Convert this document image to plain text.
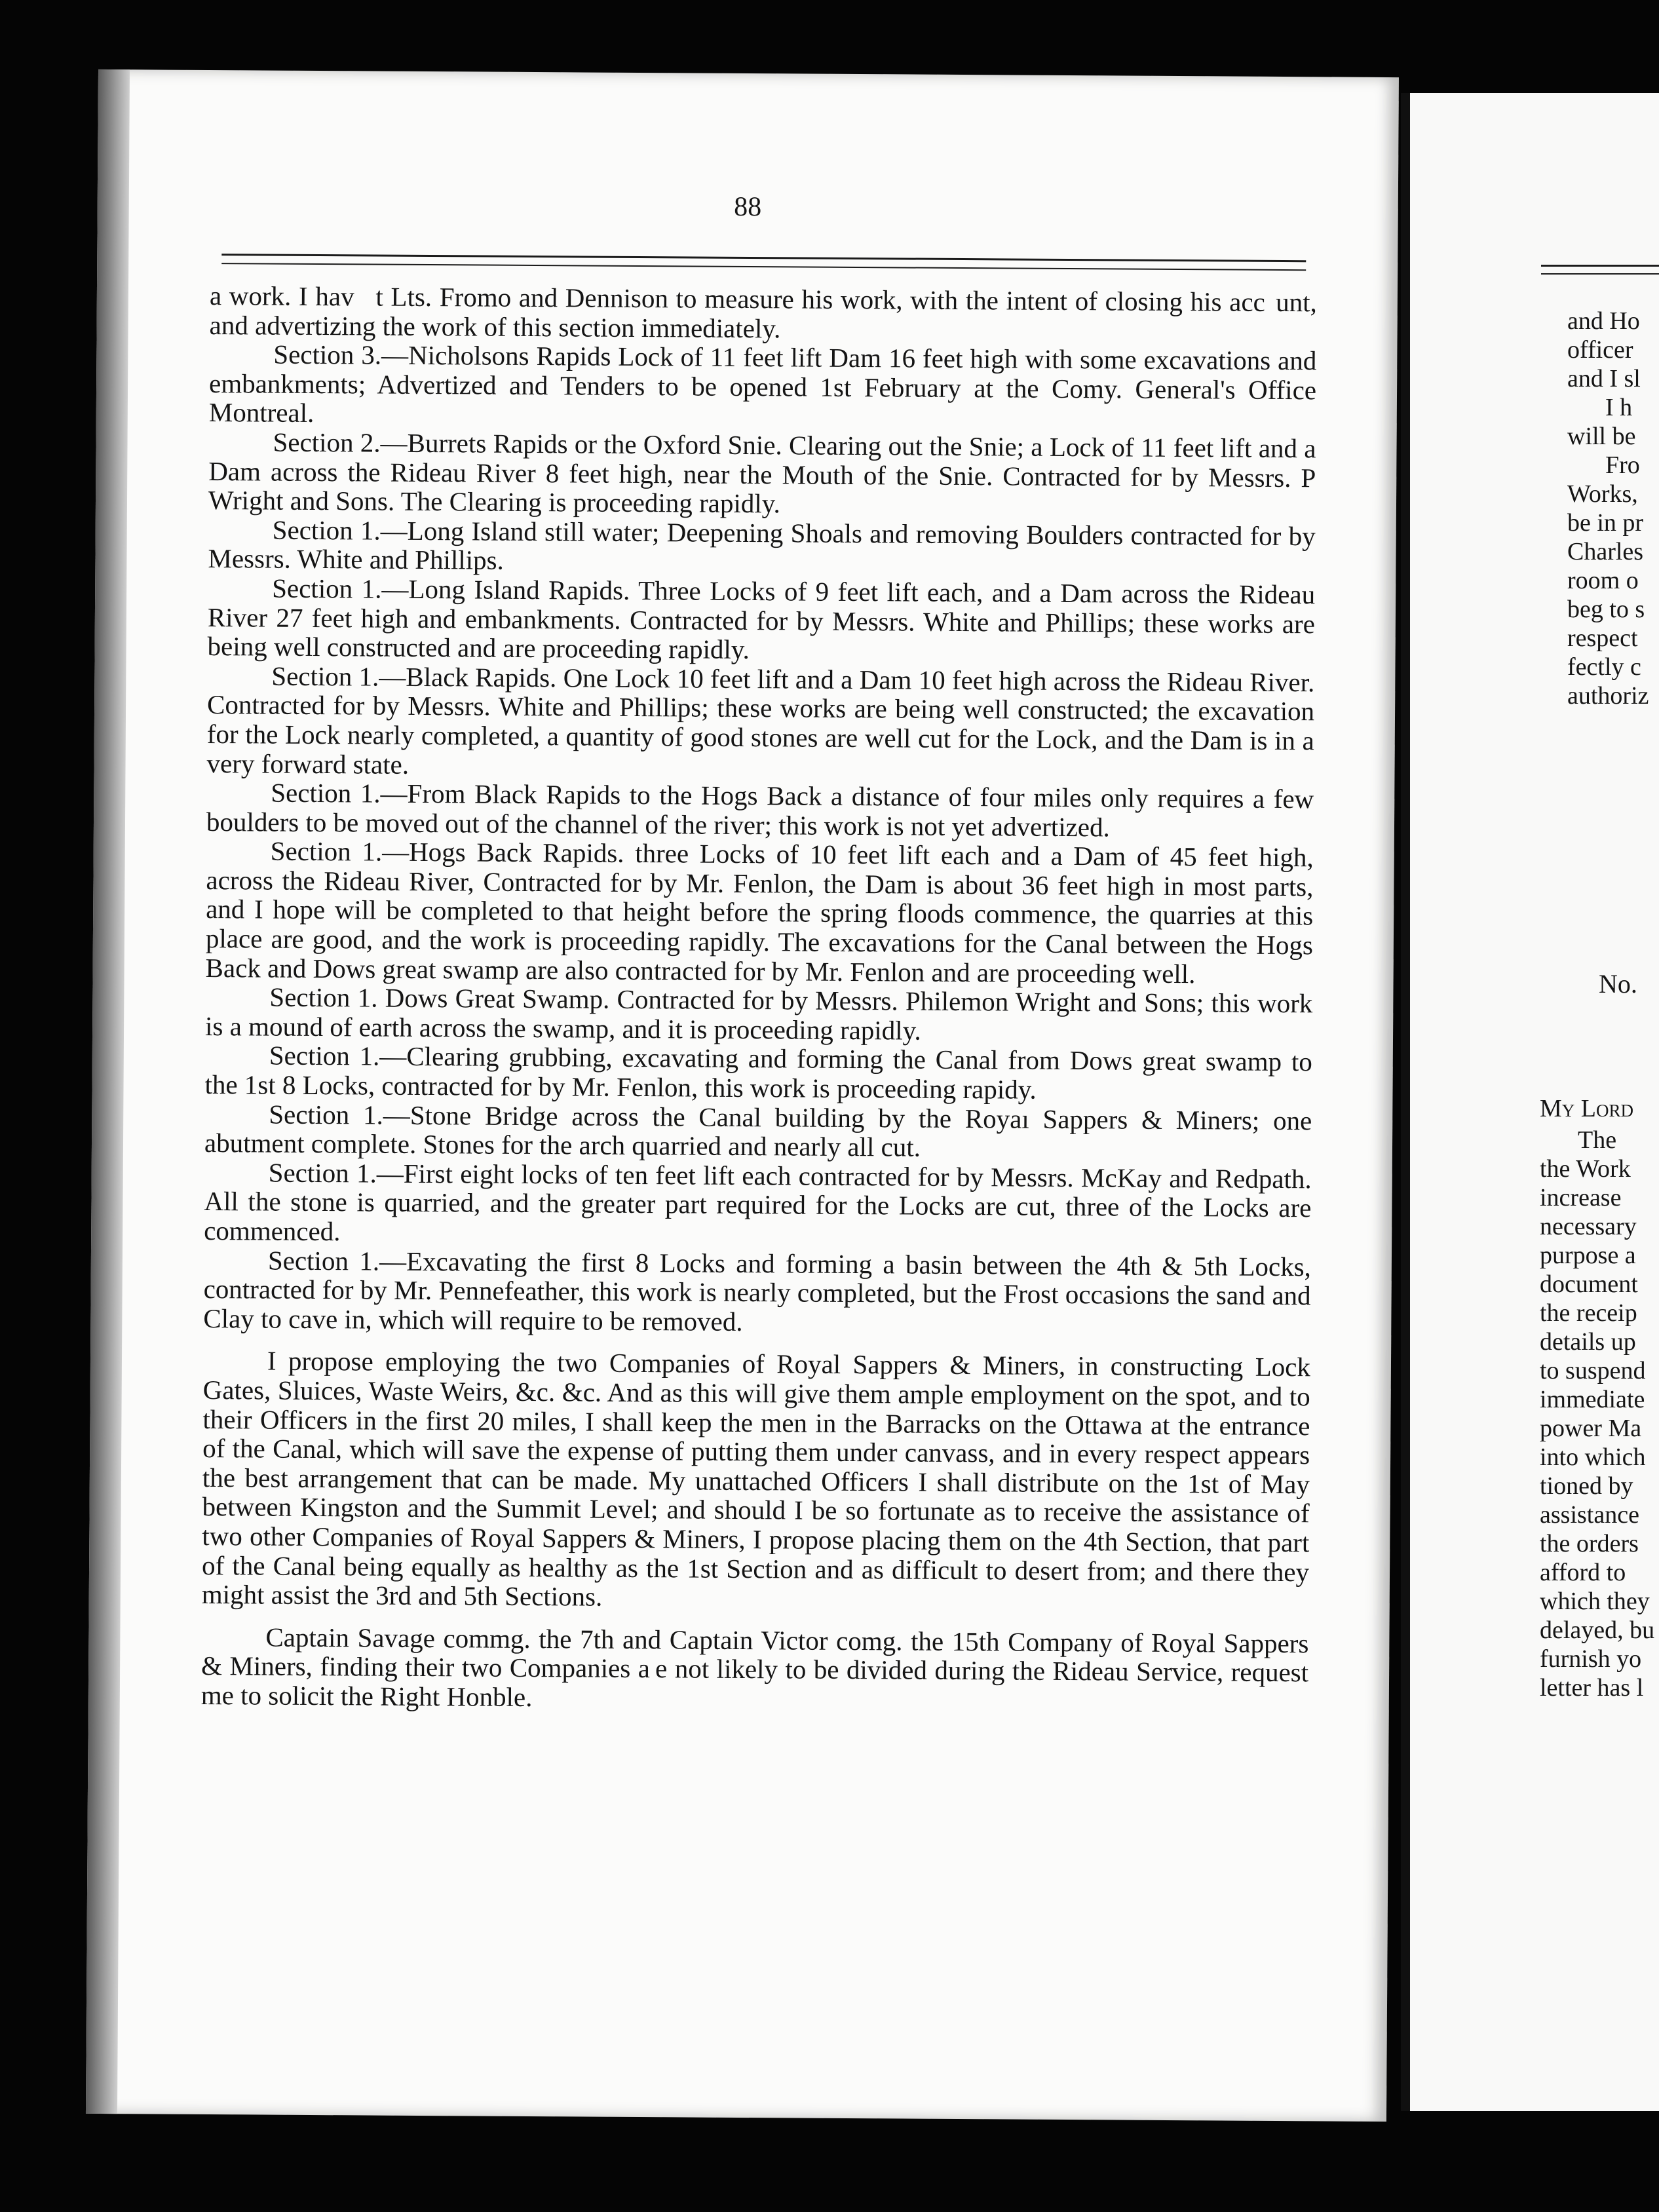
88

a work. I hav    t Lts. Fromo and Dennison to measure his work, with the intent of closing his acc  unt, and advertizing the work of this section immediately.

Section 3.—Nicholsons Rapids Lock of 11 feet lift Dam 16 feet high with some excavations and embankments; Advertized and Tenders to be opened 1st February at the Comy. General's Office Montreal.

Section 2.—Burrets Rapids or the Oxford Snie. Clearing out the Snie; a Lock of 11 feet lift and a Dam across the Rideau River 8 feet high, near the Mouth of the Snie. Contracted for by Messrs. P Wright and Sons. The Clearing is proceeding rapidly.

Section 1.—Long Island still water; Deepening Shoals and removing Boulders contracted for by Messrs. White and Phillips.

Section 1.—Long Island Rapids. Three Locks of 9 feet lift each, and a Dam across the Rideau River 27 feet high and embankments. Contracted for by Messrs. White and Phillips; these works are being well constructed and are proceeding rapidly.

Section 1.—Black Rapids. One Lock 10 feet lift and a Dam 10 feet high across the Rideau River. Contracted for by Messrs. White and Phillips; these works are being well constructed; the excavation for the Lock nearly completed, a quantity of good stones are well cut for the Lock, and the Dam is in a very forward state.

Section 1.—From Black Rapids to the Hogs Back a distance of four miles only requires a few boulders to be moved out of the channel of the river; this work is not yet advertized.

Section 1.—Hogs Back Rapids. three Locks of 10 feet lift each and a Dam of 45 feet high, across the Rideau River, Contracted for by Mr. Fenlon, the Dam is about 36 feet high in most parts, and I hope will be completed to that height before the spring floods commence, the quarries at this place are good, and the work is proceeding rapidly. The excavations for the Canal between the Hogs Back and Dows great swamp are also contracted for by Mr. Fenlon and are proceeding well.

Section 1. Dows Great Swamp. Contracted for by Messrs. Philemon Wright and Sons; this work is a mound of earth across the swamp, and it is proceeding rapidly.

Section 1.—Clearing grubbing, excavating and forming the Canal from Dows great swamp to the 1st 8 Locks, contracted for by Mr. Fenlon, this work is proceeding rapidy.

Section 1.—Stone Bridge across the Canal building by the Royaı Sappers & Miners; one abutment complete. Stones for the arch quarried and nearly all cut.

Section 1.—First eight locks of ten feet lift each contracted for by Messrs. McKay and Redpath. All the stone is quarried, and the greater part required for the Locks are cut, three of the Locks are commenced.

Section 1.—Excavating the first 8 Locks and forming a basin between the 4th & 5th Locks, contracted for by Mr. Pennefeather, this work is nearly completed, but the Frost occasions the sand and Clay to cave in, which will require to be removed.

I propose employing the two Companies of Royal Sappers & Miners, in constructing Lock Gates, Sluices, Waste Weirs, &c. &c. And as this will give them ample employment on the spot, and to their Officers in the first 20 miles, I shall keep the men in the Barracks on the Ottawa at the entrance of the Canal, which will save the expense of putting them under canvass, and in every respect appears the best arrangement that can be made. My unattached Officers I shall distribute on the 1st of May between Kingston and the Summit Level; and should I be so fortunate as to receive the assistance of two other Companies of Royal Sappers & Miners, I propose placing them on the 4th Section, that part of the Canal being equally as healthy as the 1st Section and as difficult to desert from; and there they might assist the 3rd and 5th Sections.

Captain Savage commg. the 7th and Captain Victor comg. the 15th Company of Royal Sappers & Miners, finding their two Companies a e not likely to be divided during the Rideau Service, request me to solicit the Right Honble.

and Ho
officer
and I sl
I h
will be
Fro
Works,
be in pr
Charles
room o
beg to s
respect
fectly c
authoriz
No.
My Lord
The
the Work
increase
necessary
purpose a
document
the receip
details up
to suspend
immediate
power Ma
into which
tioned by
assistance
the orders
afford to
which they
delayed, bu
furnish yo
letter has l
